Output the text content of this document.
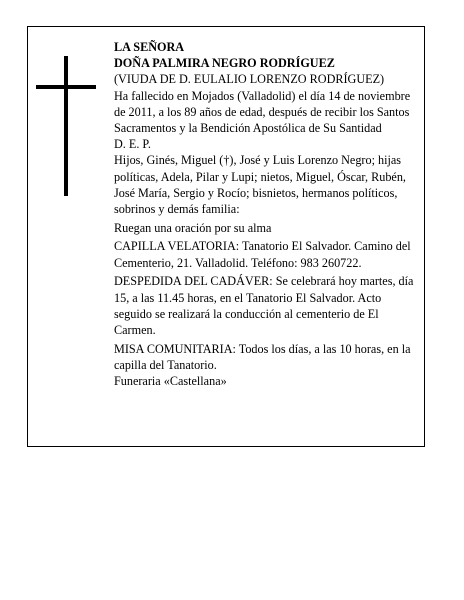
LA SEÑORA

DOÑA PALMIRA NEGRO RODRÍGUEZ

(VIUDA DE D. EULALIO LORENZO RODRÍGUEZ)

Ha fallecido en Mojados (Valladolid) el día 14 de noviembre de 2011, a los 89 años de edad, después de recibir los Santos Sacramentos y la Bendición Apostólica de Su Santidad

D. E. P.

Hijos, Ginés, Miguel (†), José y Luis Lorenzo Negro; hijas políticas, Adela, Pilar y Lupi; nietos, Miguel, Óscar, Rubén, José María, Sergio y Rocío; bisnietos, hermanos políticos, sobrinos y demás familia:

Ruegan una oración por su alma

CAPILLA VELATORIA: Tanatorio El Salvador. Camino del Cementerio, 21. Valladolid. Teléfono: 983 260722.

DESPEDIDA DEL CADÁVER: Se celebrará hoy martes, día 15, a las 11.45 horas, en el Tanatorio El Salvador. Acto seguido se realizará la conducción al cementerio de El Carmen.

MISA COMUNITARIA: Todos los días, a las 10 horas, en la capilla del Tanatorio.

Funeraria «Castellana»
